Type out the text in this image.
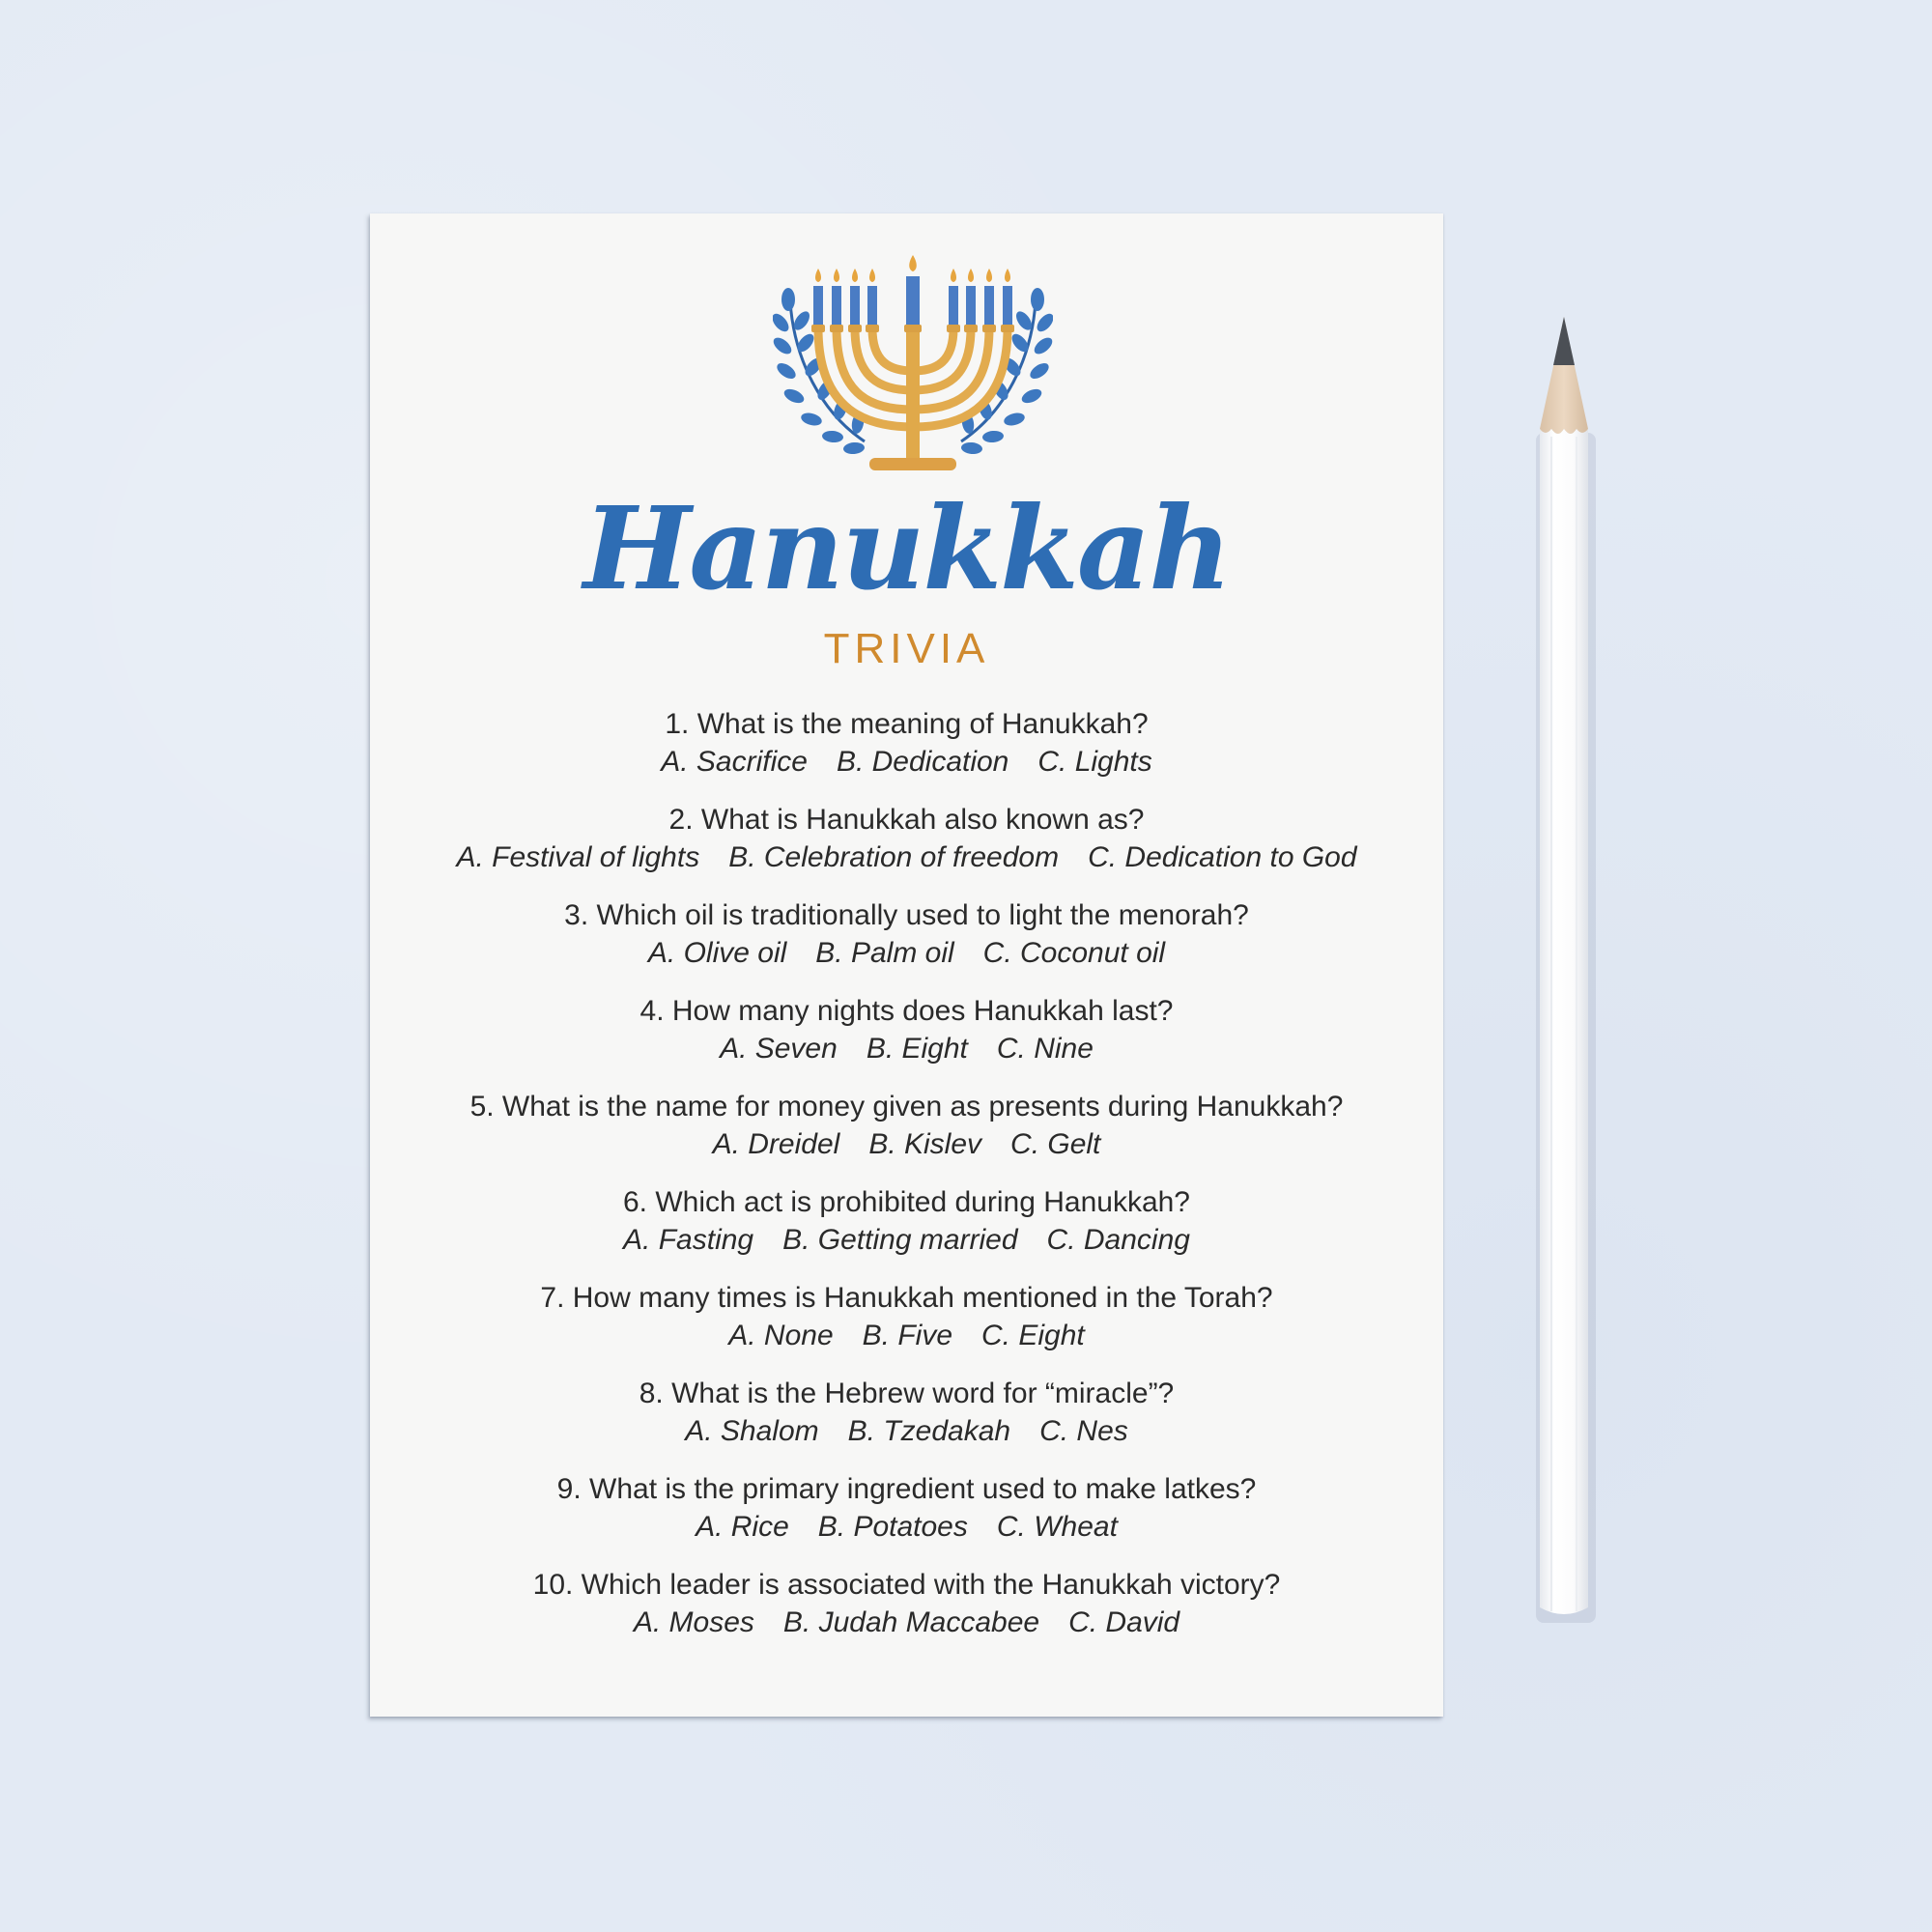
Hanukkah
TRIVIA
1. What is the meaning of Hanukkah?
A. Sacrifice B. Dedication C. Lights
2. What is Hanukkah also known as?
A. Festival of lights B. Celebration of freedom C. Dedication to God
3. Which oil is traditionally used to light the menorah?
A. Olive oil B. Palm oil C. Coconut oil
4. How many nights does Hanukkah last?
A. Seven B. Eight C. Nine
5. What is the name for money given as presents during Hanukkah?
A. Dreidel B. Kislev C. Gelt
6. Which act is prohibited during Hanukkah?
A. Fasting B. Getting married C. Dancing
7. How many times is Hanukkah mentioned in the Torah?
A. None B. Five C. Eight
8. What is the Hebrew word for “miracle”?
A. Shalom B. Tzedakah C. Nes
9. What is the primary ingredient used to make latkes?
A. Rice B. Potatoes C. Wheat
10. Which leader is associated with the Hanukkah victory?
A. Moses B. Judah Maccabee C. David
